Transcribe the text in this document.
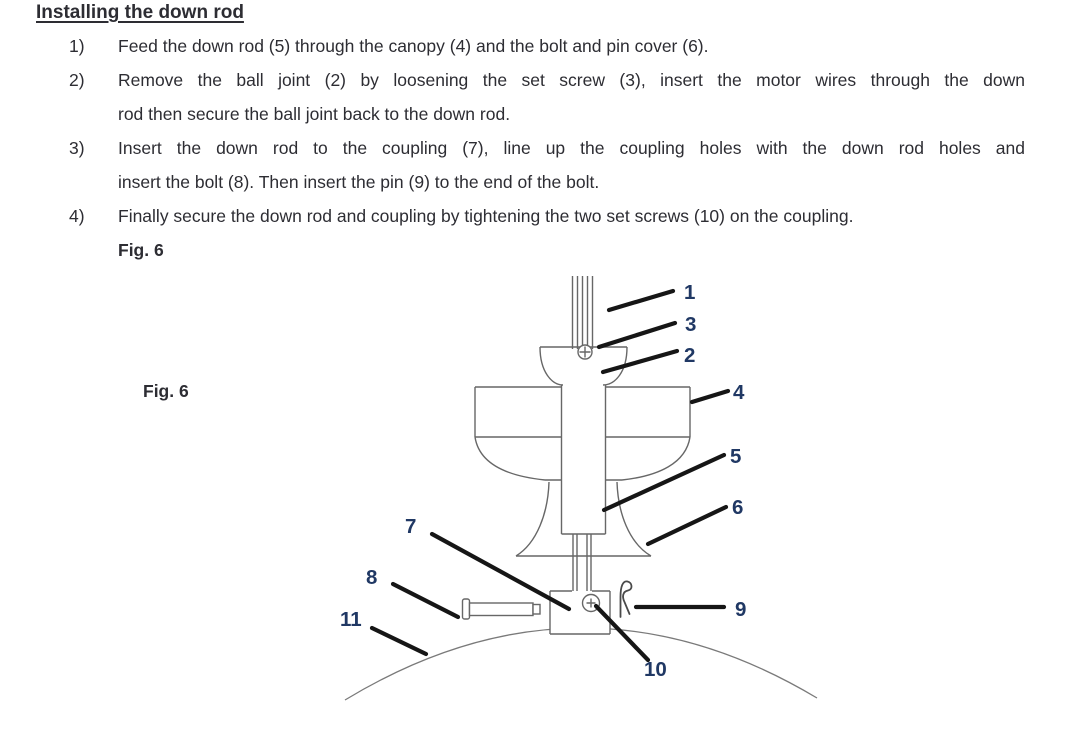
Installing the down rod
1)	Feed the down rod (5) through the canopy (4) and the bolt and pin cover (6).
2)	Remove the ball joint (2) by loosening the set screw (3), insert the motor wires through the down
rod then secure the ball joint back to the down rod.
3)	Insert the down rod to the coupling (7), line up the coupling holes with the down rod holes and
insert the bolt (8). Then insert the pin (9) to the end of the bolt.
4)	Finally secure the down rod and coupling by tightening the two set screws (10) on the coupling.
Fig. 6
Fig. 6
1
3
2
4
5
6
7
8
11	9
10
